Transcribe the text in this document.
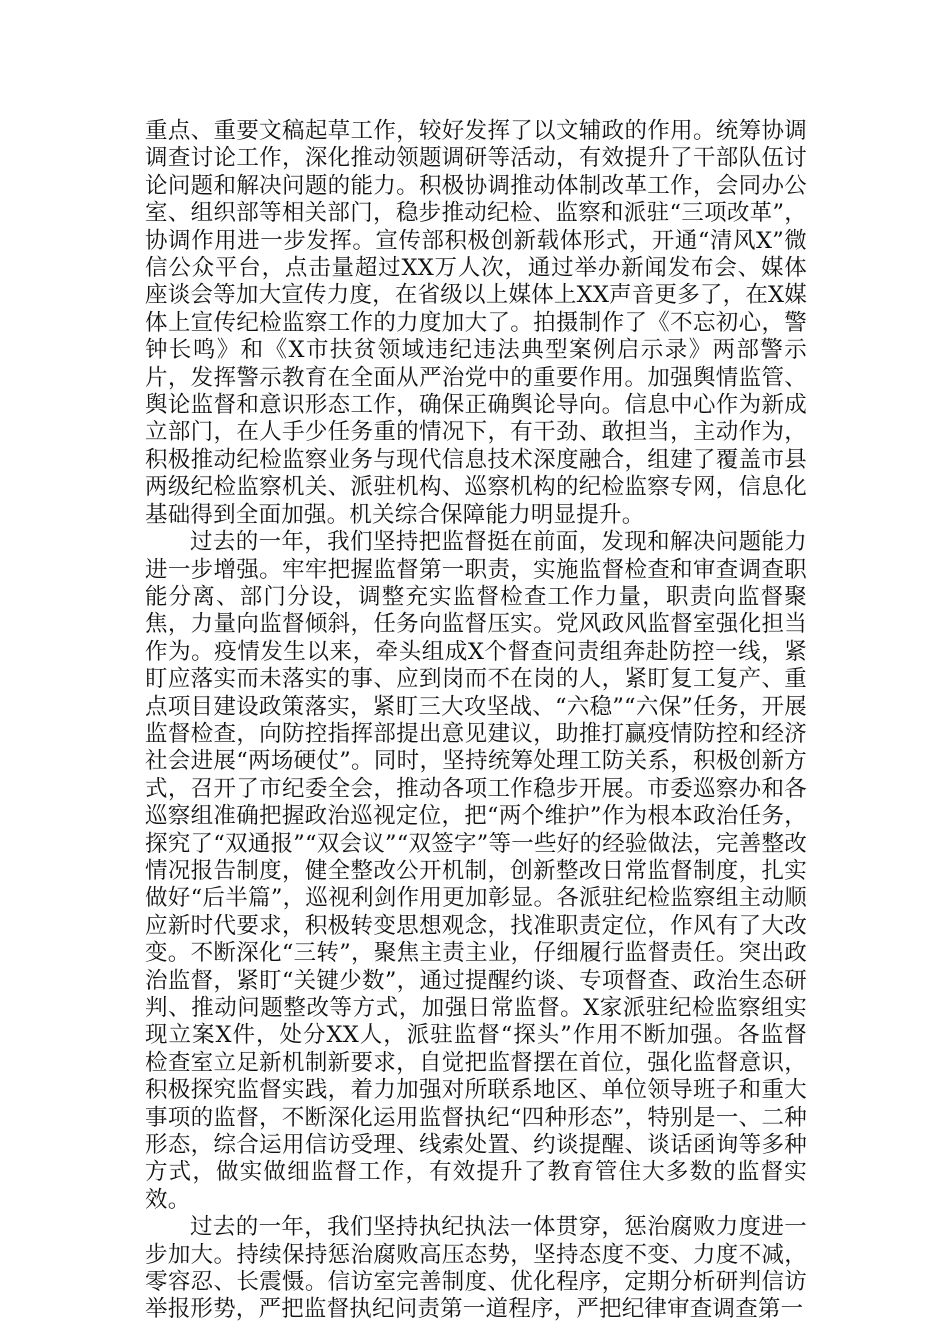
重点、重要文稿起草工作，较好发挥了以文辅政的作用。统筹协调调查讨论工作，深化推动领题调研等活动，有效提升了干部队伍讨论问题和解决问题的能力。积极协调推动体制改革工作，会同办公室、组织部等相关部门，稳步推动纪检、监察和派驻“三项改革”，协调作用进一步发挥。宣传部积极创新载体形式，开通“清风X”微信公众平台，点击量超过XX万人次，通过举办新闻发布会、媒体座谈会等加大宣传力度，在省级以上媒体上XX声音更多了，在X媒体上宣传纪检监察工作的力度加大了。拍摄制作了《不忘初心，警钟长鸣》和《X市扶贫领域违纪违法典型案例启示录》两部警示片，发挥警示教育在全面从严治党中的重要作用。加强舆情监管、舆论监督和意识形态工作，确保正确舆论导向。信息中心作为新成立部门，在人手少任务重的情况下，有干劲、敢担当，主动作为，积极推动纪检监察业务与现代信息技术深度融合，组建了覆盖市县两级纪检监察机关、派驻机构、巡察机构的纪检监察专网，信息化基础得到全面加强。机关综合保障能力明显提升。

过去的一年，我们坚持把监督挺在前面，发现和解决问题能力进一步增强。牢牢把握监督第一职责，实施监督检查和审查调查职能分离、部门分设，调整充实监督检查工作力量，职责向监督聚焦，力量向监督倾斜，任务向监督压实。党风政风监督室强化担当作为。疫情发生以来，牵头组成X个督查问责组奔赴防控一线，紧盯应落实而未落实的事、应到岗而不在岗的人，紧盯复工复产、重点项目建设政策落实，紧盯三大攻坚战、“六稳”“六保”任务，开展监督检查，向防控指挥部提出意见建议，助推打赢疫情防控和经济社会进展“两场硬仗”。同时，坚持统筹处理工防关系，积极创新方式，召开了市纪委全会，推动各项工作稳步开展。市委巡察办和各巡察组准确把握政治巡视定位，把“两个维护”作为根本政治任务，探究了“双通报”“双会议”“双签字”等一些好的经验做法，完善整改情况报告制度，健全整改公开机制，创新整改日常监督制度，扎实做好“后半篇”，巡视利剑作用更加彰显。各派驻纪检监察组主动顺应新时代要求，积极转变思想观念，找准职责定位，作风有了大改变。不断深化“三转”，聚焦主责主业，仔细履行监督责任。突出政治监督，紧盯“关键少数”，通过提醒约谈、专项督查、政治生态研判、推动问题整改等方式，加强日常监督。X家派驻纪检监察组实现立案X件，处分XX人，派驻监督“探头”作用不断加强。各监督检查室立足新机制新要求，自觉把监督摆在首位，强化监督意识，积极探究监督实践，着力加强对所联系地区、单位领导班子和重大事项的监督，不断深化运用监督执纪“四种形态”，特别是一、二种形态，综合运用信访受理、线索处置、约谈提醒、谈话函询等多种方式，做实做细监督工作，有效提升了教育管住大多数的监督实效。

过去的一年，我们坚持执纪执法一体贯穿，惩治腐败力度进一步加大。持续保持惩治腐败高压态势，坚持态度不变、力度不减，零容忍、长震慑。信访室完善制度、优化程序，定期分析研判信访举报形势，严把监督执纪问责第一道程序，严把纪律审查调查第一
